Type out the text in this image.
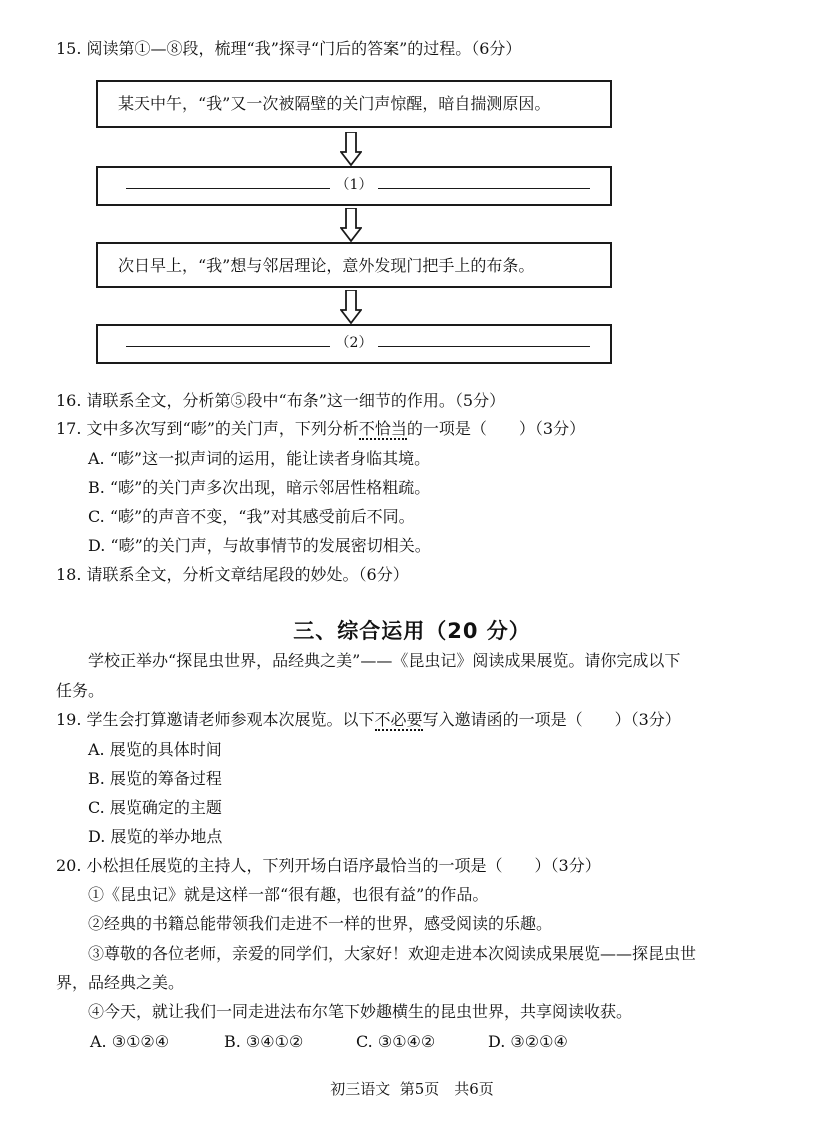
15. 阅读第①—⑧段，梳理“我”探寻“门后的答案”的过程。（6分）
某天中午，“我”又一次被隔壁的关门声惊醒，暗自揣测原因。
（1）
次日早上，“我”想与邻居理论，意外发现门把手上的布条。
（2）
16. 请联系全文，分析第⑤段中“布条”这一细节的作用。（5分）
17. 文中多次写到“嘭”的关门声，下列分析不恰当的一项是（　　）（3分）
A. “嘭”这一拟声词的运用，能让读者身临其境。
B. “嘭”的关门声多次出现，暗示邻居性格粗疏。
C. “嘭”的声音不变，“我”对其感受前后不同。
D. “嘭”的关门声，与故事情节的发展密切相关。
18. 请联系全文，分析文章结尾段的妙处。（6分）
三、综合运用（20 分）
学校正举办“探昆虫世界，品经典之美”——《昆虫记》阅读成果展览。请你完成以下
任务。
19. 学生会打算邀请老师参观本次展览。以下不必要写入邀请函的一项是（　　）（3分）
A. 展览的具体时间
B. 展览的筹备过程
C. 展览确定的主题
D. 展览的举办地点
20. 小松担任展览的主持人，下列开场白语序最恰当的一项是（　　）（3分）
①《昆虫记》就是这样一部“很有趣，也很有益”的作品。
②经典的书籍总能带领我们走进不一样的世界，感受阅读的乐趣。
③尊敬的各位老师，亲爱的同学们，大家好！欢迎走进本次阅读成果展览——探昆虫世
界，品经典之美。
④今天，就让我们一同走进法布尔笔下妙趣横生的昆虫世界，共享阅读收获。
A. ③①②④	B. ③④①②	C. ③①④②	D. ③②①④
初三语文  第5页　共6页
